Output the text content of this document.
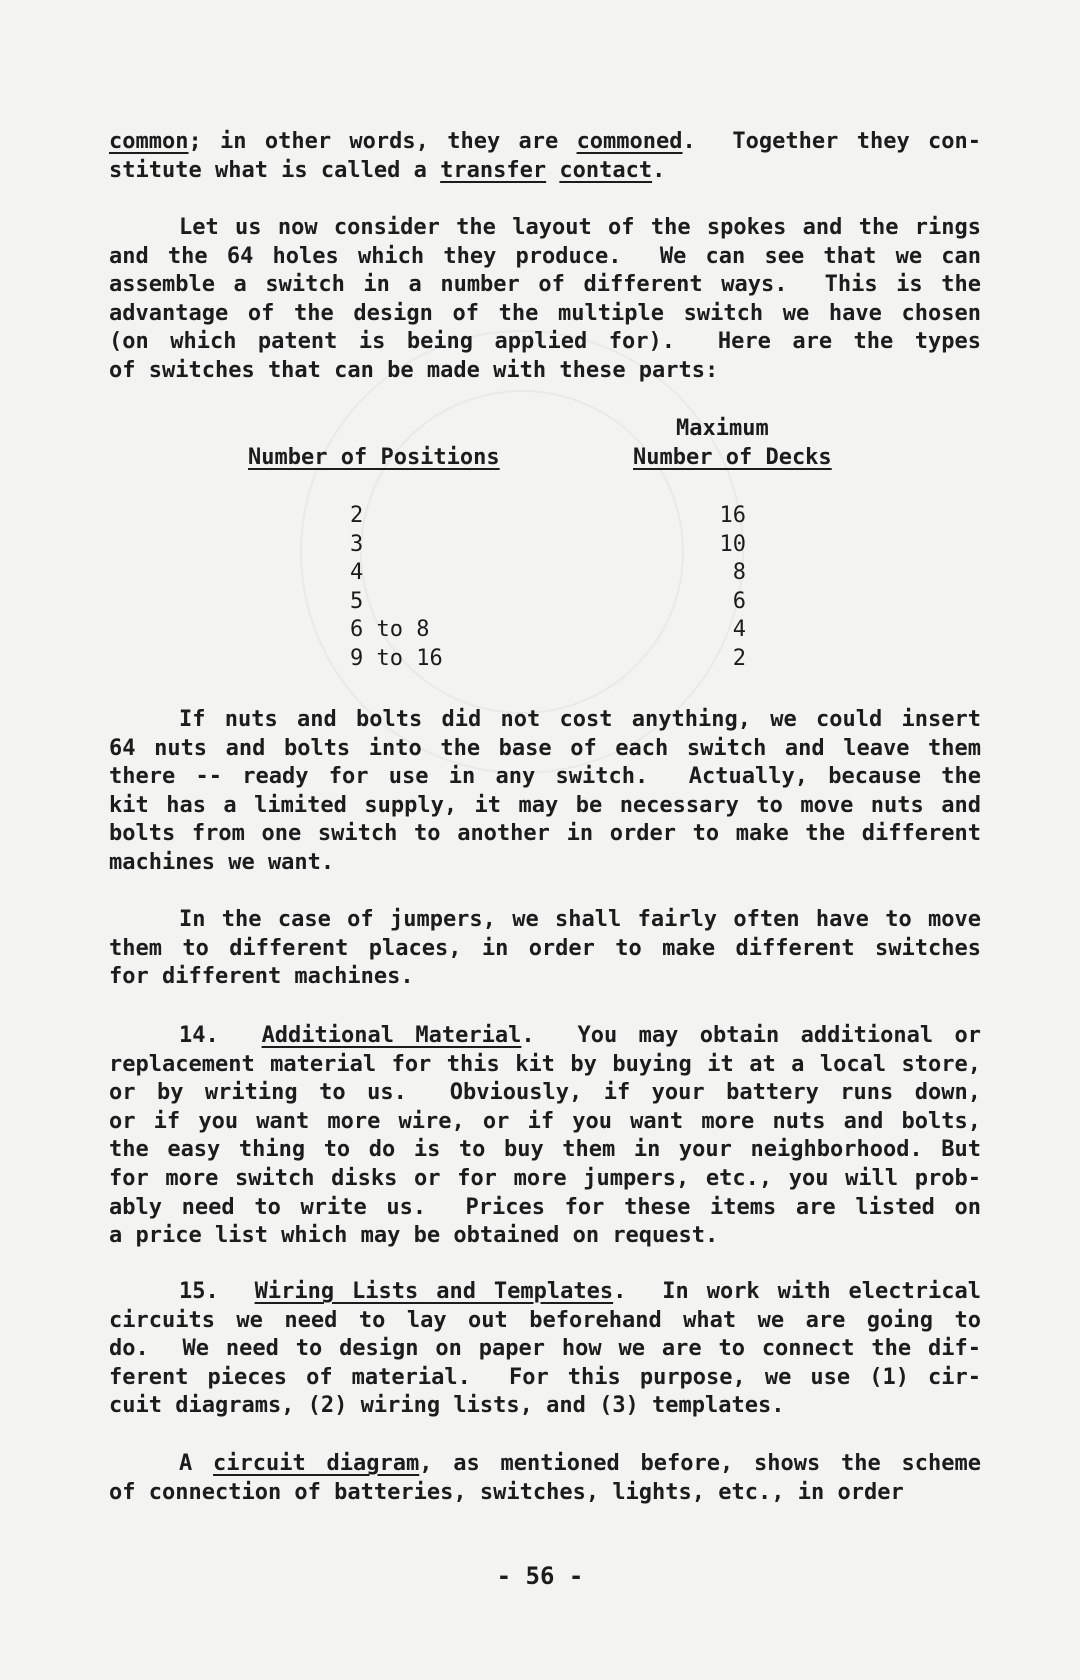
common; in other words, they are commoned.  Together they con-
stitute what is called a transfer contact.
Let us now consider the layout of the spokes and the rings
and the 64 holes which they produce.  We can see that we can
assemble a switch in a number of different ways.  This is the
advantage of the design of the multiple switch we have chosen
(on which patent is being applied for).  Here are the types
of switches that can be made with these parts:
Maximum
Number of Positions	Number of Decks
2
3
4
5
6 to 8
9 to 16
16
10
8
6
4
2
If nuts and bolts did not cost anything, we could insert
64 nuts and bolts into the base of each switch and leave them
there -- ready for use in any switch.  Actually, because the
kit has a limited supply, it may be necessary to move nuts and
bolts from one switch to another in order to make the different
machines we want.
In the case of jumpers, we shall fairly often have to move
them to different places, in order to make different switches
for different machines.
14.  Additional Material.  You may obtain additional or
replacement material for this kit by buying it at a local store,
or by writing to us.  Obviously, if your battery runs down,
or if you want more wire, or if you want more nuts and bolts,
the easy thing to do is to buy them in your neighborhood. But
for more switch disks or for more jumpers, etc., you will prob-
ably need to write us.  Prices for these items are listed on
a price list which may be obtained on request.
15.  Wiring Lists and Templates.  In work with electrical
circuits we need to lay out beforehand what we are going to
do.  We need to design on paper how we are to connect the dif-
ferent pieces of material.  For this purpose, we use (1) cir-
cuit diagrams, (2) wiring lists, and (3) templates.
A circuit diagram, as mentioned before, shows the scheme
of connection of batteries, switches, lights, etc., in order
- 56 -
